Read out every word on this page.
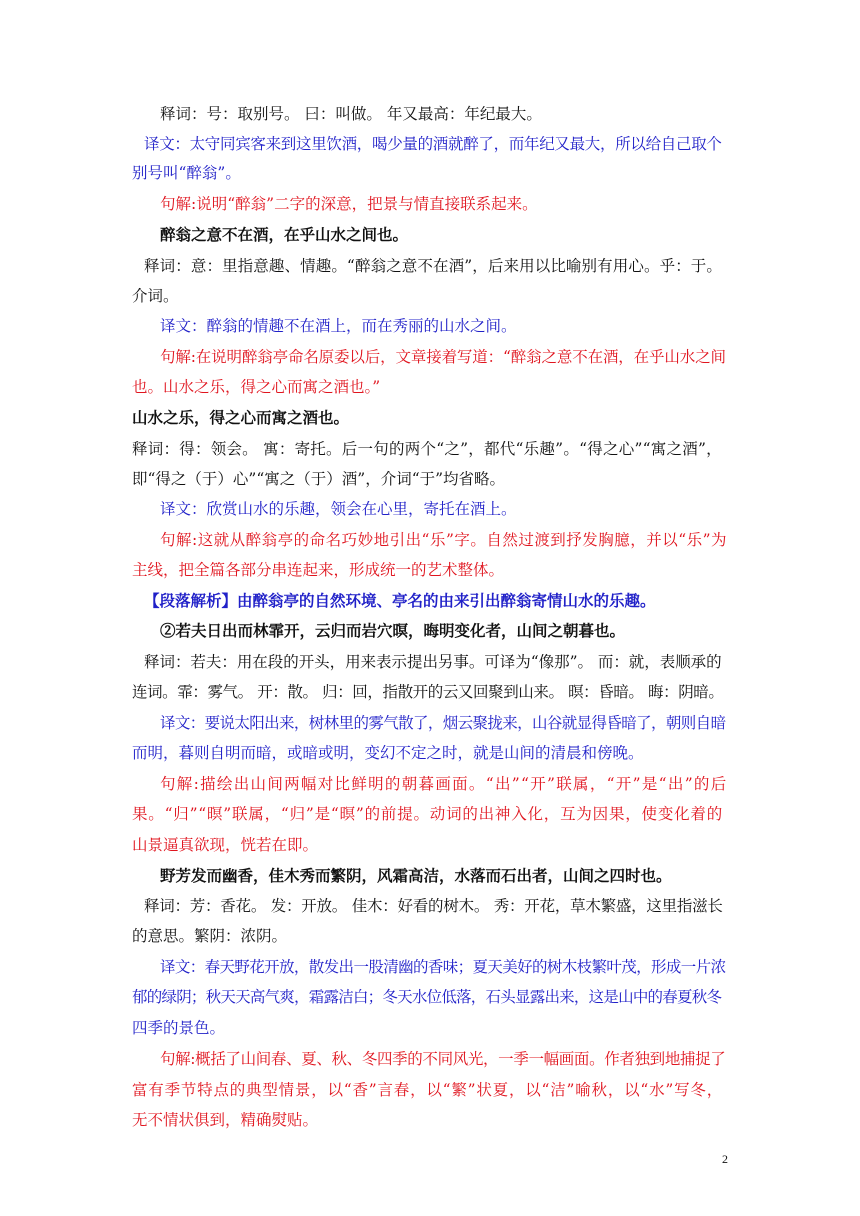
释词：号：取别号。 曰：叫做。 年又最高：年纪最大。
译文：太守同宾客来到这里饮酒，喝少量的酒就醉了，而年纪又最大，所以给自己取个
别号叫“醉翁”。
句解:说明“醉翁”二字的深意，把景与情直接联系起来。
醉翁之意不在酒，在乎山水之间也。
释词：意：里指意趣、情趣。“醉翁之意不在酒”，后来用以比喻别有用心。乎：于。
介词。
译文：醉翁的情趣不在酒上，而在秀丽的山水之间。
句解:在说明醉翁亭命名原委以后，文章接着写道：“醉翁之意不在酒，在乎山水之间
也。山水之乐，得之心而寓之酒也。”
山水之乐，得之心而寓之酒也。
释词：得：领会。 寓：寄托。后一句的两个“之”，都代“乐趣”。“得之心”“寓之酒”，
即“得之（于）心”“寓之（于）酒”，介词“于”均省略。
译文：欣赏山水的乐趣，领会在心里，寄托在酒上。
句解:这就从醉翁亭的命名巧妙地引出“乐”字。自然过渡到抒发胸臆，并以“乐”为
主线，把全篇各部分串连起来，形成统一的艺术整体。
【段落解析】由醉翁亭的自然环境、亭名的由来引出醉翁寄情山水的乐趣。
②若夫日出而林霏开，云归而岩穴暝，晦明变化者，山间之朝暮也。
释词：若夫：用在段的开头，用来表示提出另事。可译为“像那”。 而：就，表顺承的
连词。霏：雾气。 开：散。 归：回，指散开的云又回聚到山来。 暝：昏暗。 晦：阴暗。
译文：要说太阳出来，树林里的雾气散了，烟云聚拢来，山谷就显得昏暗了，朝则自暗
而明，暮则自明而暗，或暗或明，变幻不定之时，就是山间的清晨和傍晚。
句解:描绘出山间两幅对比鲜明的朝暮画面。“出”“开”联属，“开”是“出”的后
果。“归”“暝”联属，“归”是“暝”的前提。动词的出神入化，互为因果，使变化着的
山景逼真欲现，恍若在即。
野芳发而幽香，佳木秀而繁阴，风霜高洁，水落而石出者，山间之四时也。
释词：芳：香花。 发：开放。 佳木：好看的树木。 秀：开花，草木繁盛，这里指滋长
的意思。繁阴：浓阴。
译文：春天野花开放，散发出一股清幽的香味；夏天美好的树木枝繁叶茂，形成一片浓
郁的绿阴；秋天天高气爽，霜露洁白；冬天水位低落，石头显露出来，这是山中的春夏秋冬
四季的景色。
句解:概括了山间春、夏、秋、冬四季的不同风光，一季一幅画面。作者独到地捕捉了
富有季节特点的典型情景，以“香”言春，以“繁”状夏，以“洁”喻秋，以“水”写冬，
无不情状俱到，精确熨贴。
2
